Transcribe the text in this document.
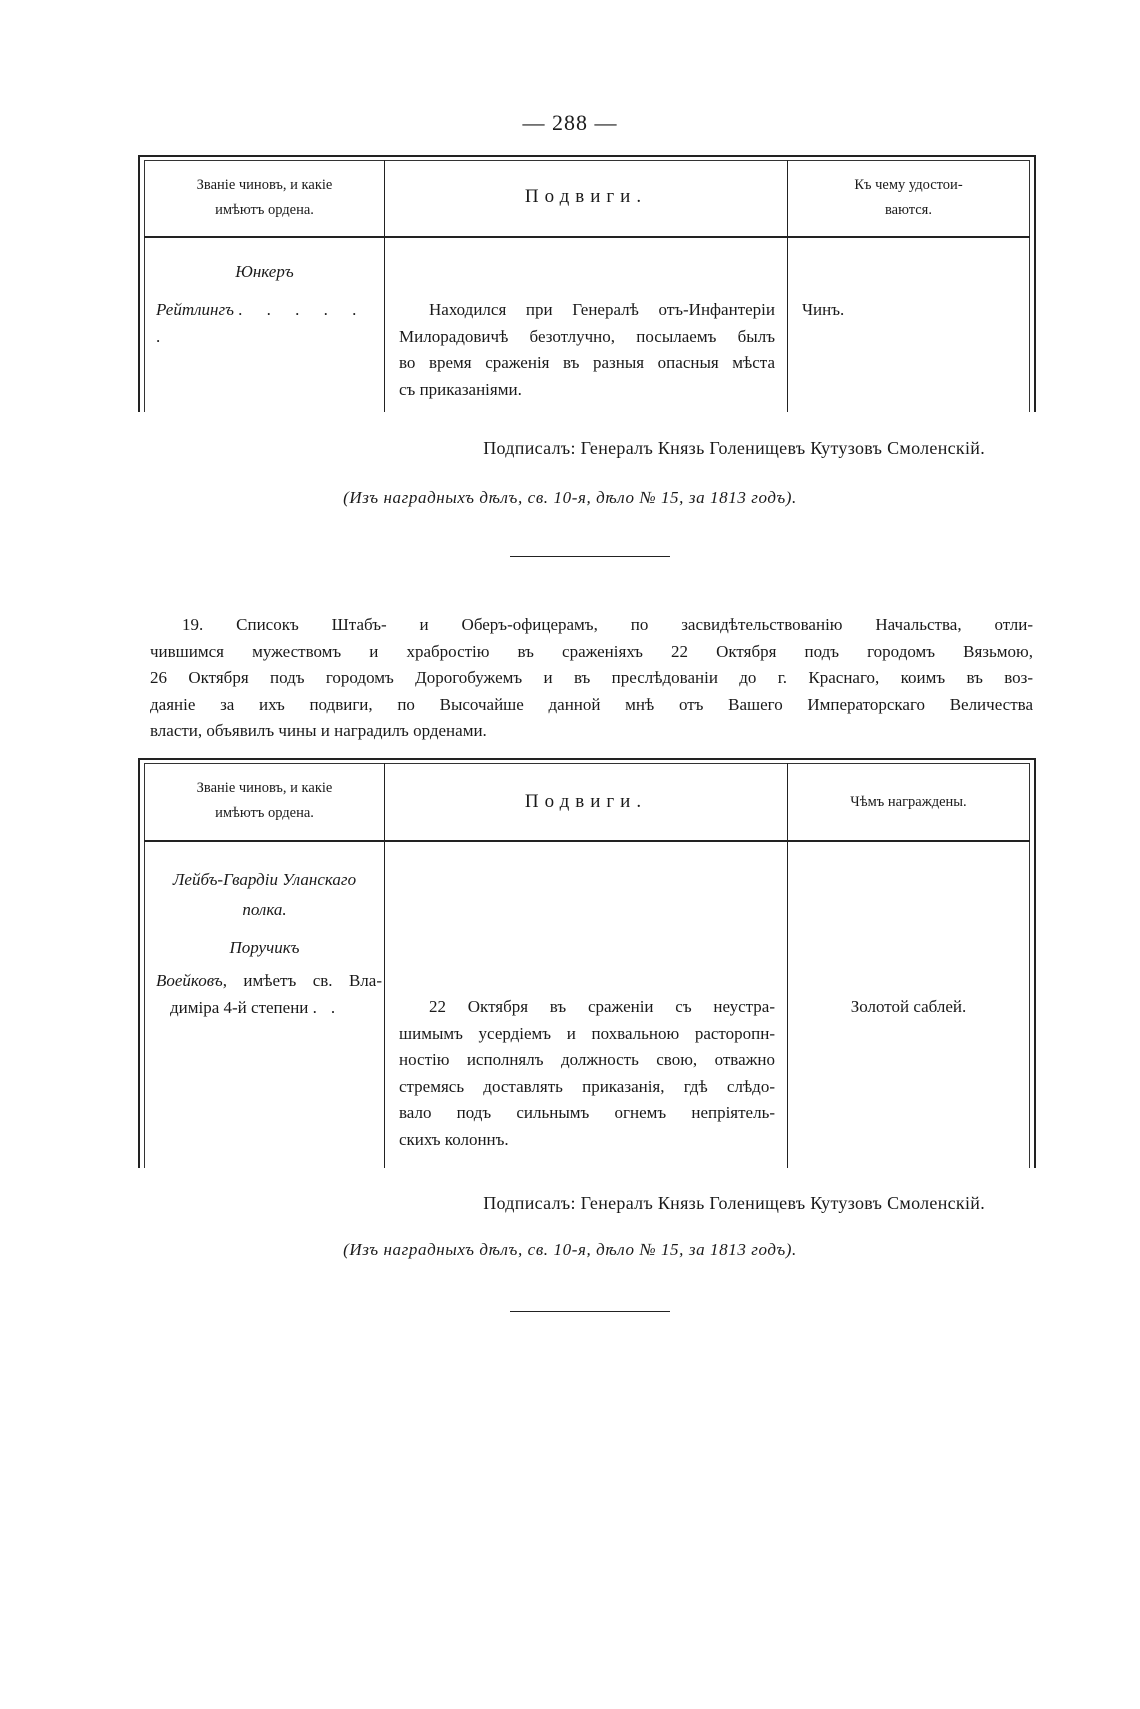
— 288 —
Званіе чиновъ, и какіе
имѣютъ ордена.
Подвиги.
Къ чему удостои-
ваются.
Юнкеръ
Рейтлингъ . . . . . .
Находился при Генералѣ отъ-Инфантеріи
Милорадовичѣ безотлучно, посылаемъ былъ
во время сраженія въ разныя опасныя мѣста
съ приказаніями.
Чинъ.
Подписалъ: Генералъ Князь Голенищевъ Кутузовъ Смоленскій.
(Изъ наградныхъ дѣлъ, св. 10-я, дѣло № 15, за 1813 годъ).
19. Списокъ Штабъ- и Оберъ-офицерамъ, по засвидѣтельствованію Начальства, отли-
чившимся мужествомъ и храбростію въ сраженіяхъ 22 Октября подъ городомъ Вязьмою,
26 Октября подъ городомъ Дорогобужемъ и въ преслѣдованіи до г. Краснаго, коимъ въ воз-
даяніе за ихъ подвиги, по Высочайше данной мнѣ отъ Вашего Императорскаго Величества
власти, объявилъ чины и наградилъ орденами.
Званіе чиновъ, и какіе
имѣютъ ордена.
Подвиги.	Чѣмъ награждены.
Лейбъ-Гвардіи Уланскаго
полка.
Поручикъ
Воейковъ, имѣетъ св. Вла-
диміра 4-й степени . .	22 Октября въ сраженіи съ неустра-
шимымъ усердіемъ и похвальною расторопн-
ностію исполнялъ должность свою, отважно
стремясь доставлять приказанія, гдѣ слѣдо-
вало подъ сильнымъ огнемъ непріятель-
скихъ колоннъ.
Золотой саблей.
Подписалъ: Генералъ Князь Голенищевъ Кутузовъ Смоленскій.
(Изъ наградныхъ дѣлъ, св. 10-я, дѣло № 15, за 1813 годъ).
